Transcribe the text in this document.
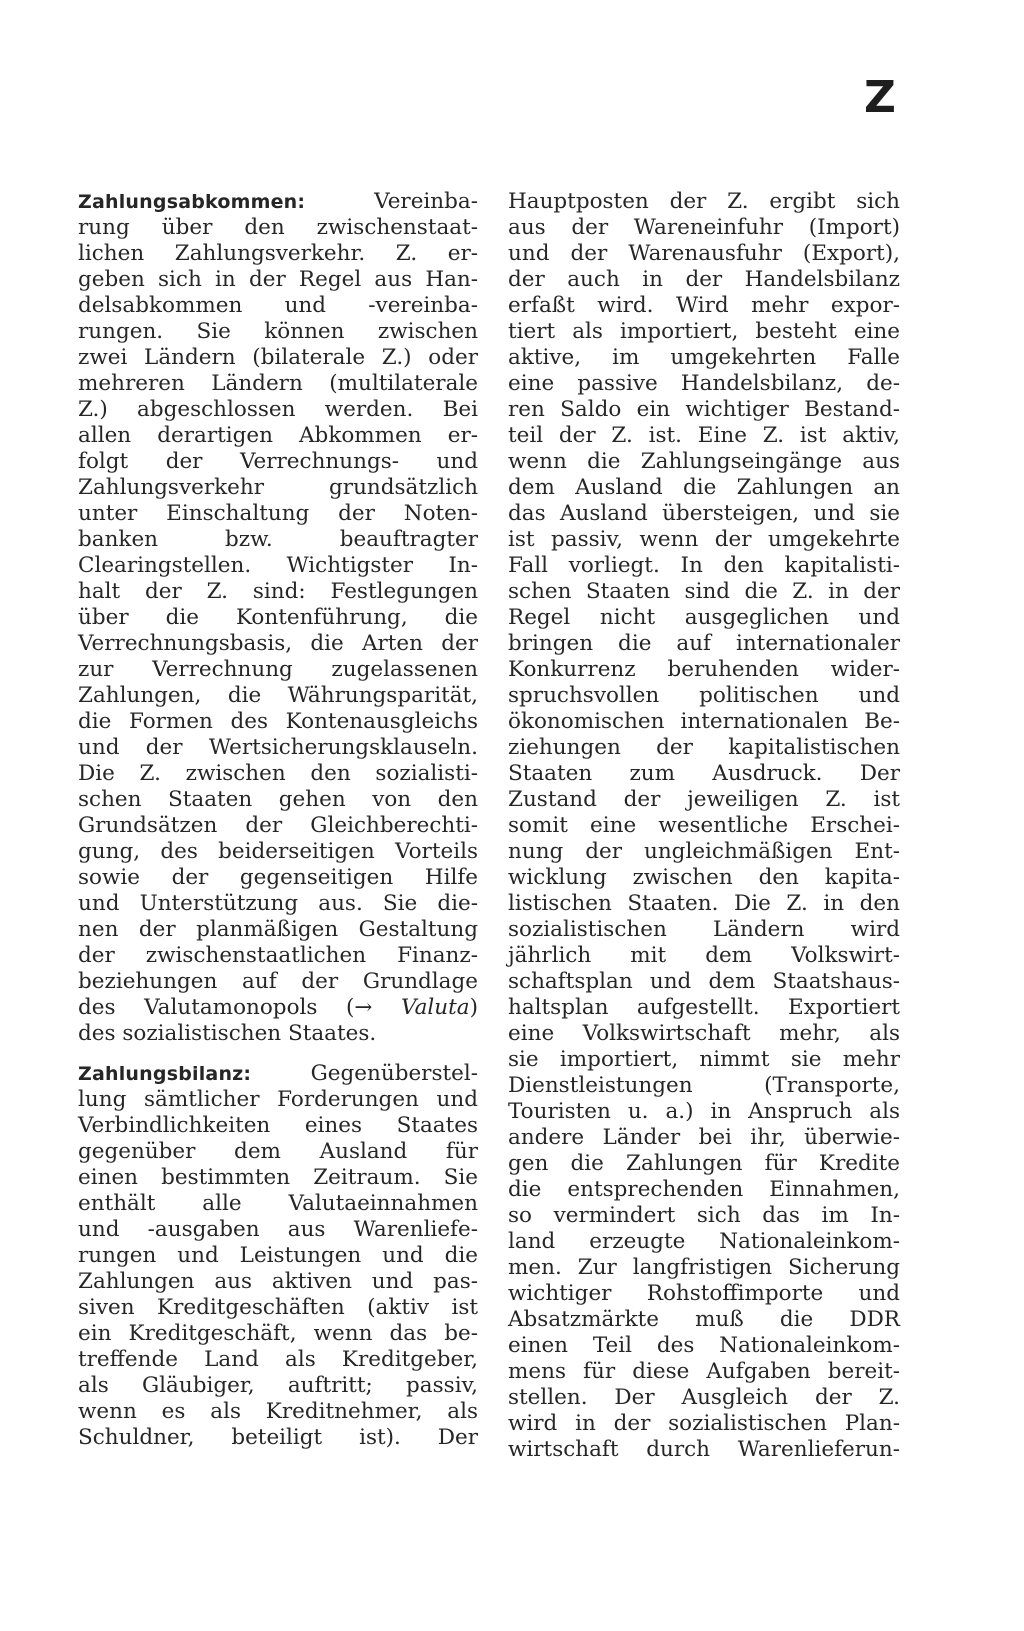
Z
Zahlungsabkommen:	Vereinba-
rung über den zwischenstaat-
lichen Zahlungsverkehr. Z. er-
geben sich in der Regel aus Han-
delsabkommen und -vereinba-
rungen. Sie können zwischen
zwei Ländern (bilaterale Z.) oder
mehreren Ländern (multilaterale
Z.) abgeschlossen werden. Bei
allen derartigen Abkommen er-
folgt der Verrechnungs- und
Zahlungsverkehr grundsätzlich
unter Einschaltung der Noten-
banken bzw. beauftragter
Clearingstellen. Wichtigster In-
halt der Z. sind: Festlegungen
über die Kontenführung, die
Verrechnungsbasis, die Arten der
zur Verrechnung zugelassenen
Zahlungen, die Währungsparität,
die Formen des Kontenausgleichs
und der Wertsicherungsklauseln.
Die Z. zwischen den sozialisti-
schen Staaten gehen von den
Grundsätzen der Gleichberechti-
gung, des beiderseitigen Vorteils
sowie der gegenseitigen Hilfe
und Unterstützung aus. Sie die-
nen der planmäßigen Gestaltung
der zwischenstaatlichen Finanz-
beziehungen auf der Grundlage
des Valutamonopols (→ Valuta)
des sozialistischen Staates.
Zahlungsbilanz:	Gegenüberstel-
lung sämtlicher Forderungen und
Verbindlichkeiten eines Staates
gegenüber dem Ausland für
einen bestimmten Zeitraum. Sie
enthält alle Valutaeinnahmen
und -ausgaben aus Warenliefe-
rungen und Leistungen und die
Zahlungen aus aktiven und pas-
siven Kreditgeschäften (aktiv ist
ein Kreditgeschäft, wenn das be-
treffende Land als Kreditgeber,
als Gläubiger, auftritt; passiv,
wenn es als Kreditnehmer, als
Schuldner, beteiligt ist). Der
Hauptposten der Z. ergibt sich
aus der Wareneinfuhr (Import)
und der Warenausfuhr (Export),
der auch in der Handelsbilanz
erfaßt wird. Wird mehr expor-
tiert als importiert, besteht eine
aktive, im umgekehrten Falle
eine passive Handelsbilanz, de-
ren Saldo ein wichtiger Bestand-
teil der Z. ist. Eine Z. ist aktiv,
wenn die Zahlungseingänge aus
dem Ausland die Zahlungen an
das Ausland übersteigen, und sie
ist passiv, wenn der umgekehrte
Fall vorliegt. In den kapitalisti-
schen Staaten sind die Z. in der
Regel nicht ausgeglichen und
bringen die auf internationaler
Konkurrenz beruhenden wider-
spruchsvollen politischen und
ökonomischen internationalen Be-
ziehungen der kapitalistischen
Staaten zum Ausdruck. Der
Zustand der jeweiligen Z. ist
somit eine wesentliche Erschei-
nung der ungleichmäßigen Ent-
wicklung zwischen den kapita-
listischen Staaten. Die Z. in den
sozialistischen Ländern wird
jährlich mit dem Volkswirt-
schaftsplan und dem Staatshaus-
haltsplan aufgestellt. Exportiert
eine Volkswirtschaft mehr, als
sie importiert, nimmt sie mehr
Dienstleistungen (Transporte,
Touristen u. a.) in Anspruch als
andere Länder bei ihr, überwie-
gen die Zahlungen für Kredite
die entsprechenden Einnahmen,
so vermindert sich das im In-
land erzeugte Nationaleinkom-
men. Zur langfristigen Sicherung
wichtiger Rohstoffimporte und
Absatzmärkte muß die DDR
einen Teil des Nationaleinkom-
mens für diese Aufgaben bereit-
stellen. Der Ausgleich der Z.
wird in der sozialistischen Plan-
wirtschaft durch Warenlieferun-
